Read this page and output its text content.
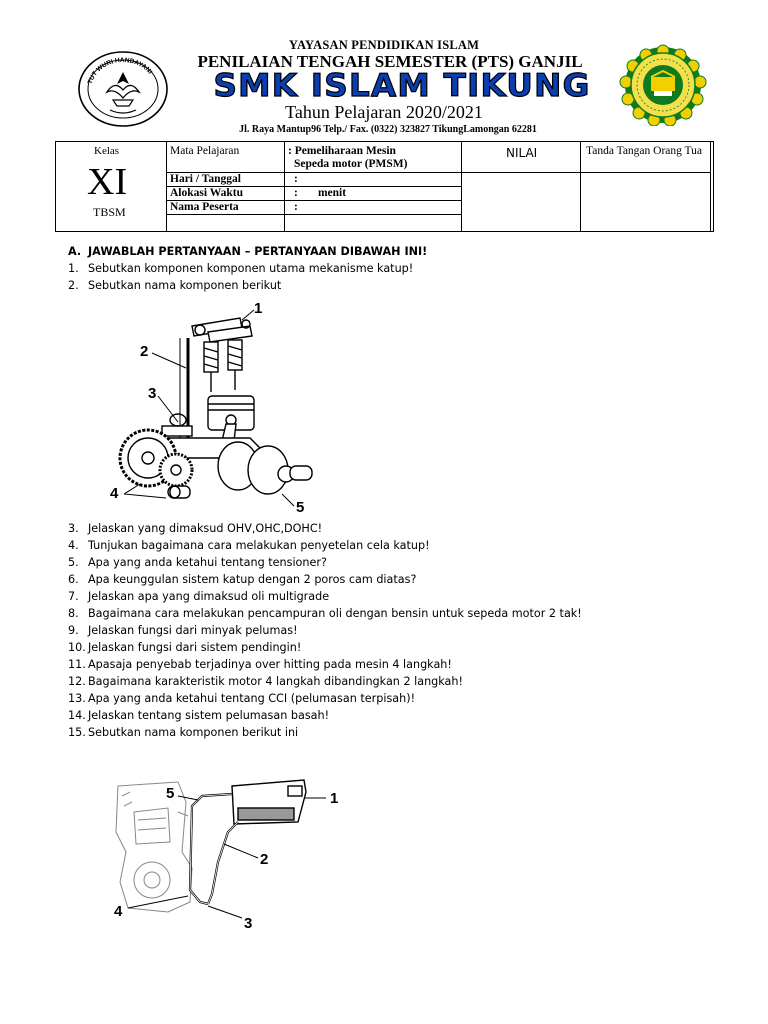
YAYASAN PENDIDIKAN ISLAM
PENILAIAN TENGAH SEMESTER (PTS) GANJIL
SMK ISLAM TIKUNG
Tahun Pelajaran 2020/2021
Jl. Raya Mantup96 Telp./ Fax. (0322) 323827 TikungLamongan 62281
TUT WURI HANDAYANI
Kelas
XI
TBSM
Mata Pelajaran	: Pemeliharaan Mesin
Sepeda motor (PMSM)
Hari / Tanggal	:
Alokasi Waktu	:       menit
Nama Peserta	:
NILAI	Tanda Tangan Orang Tua
A. JAWABLAH PERTANYAAN – PERTANYAAN DIBAWAH INI!
1. Sebutkan komponen komponen utama mekanisme katup!
2. Sebutkan nama komponen berikut
1
2
3
4
5
3. Jelaskan yang dimaksud OHV,OHC,DOHC!
4. Tunjukan bagaimana cara melakukan penyetelan cela katup!
5. Apa yang anda ketahui tentang tensioner?
6. Apa keunggulan sistem katup dengan 2 poros cam diatas?
7. Jelaskan apa yang dimaksud oli multigrade
8. Bagaimana cara melakukan pencampuran oli dengan bensin untuk sepeda motor 2 tak!
9. Jelaskan fungsi dari minyak pelumas!
10. Jelaskan fungsi dari sistem pendingin!
11. Apasaja penyebab terjadinya over hitting pada mesin 4 langkah!
12. Bagaimana karakteristik motor 4 langkah dibandingkan 2 langkah!
13. Apa yang anda ketahui tentang CCI (pelumasan terpisah)!
14. Jelaskan tentang sistem pelumasan basah!
15. Sebutkan nama komponen berikut ini
1
2
3
4
5
